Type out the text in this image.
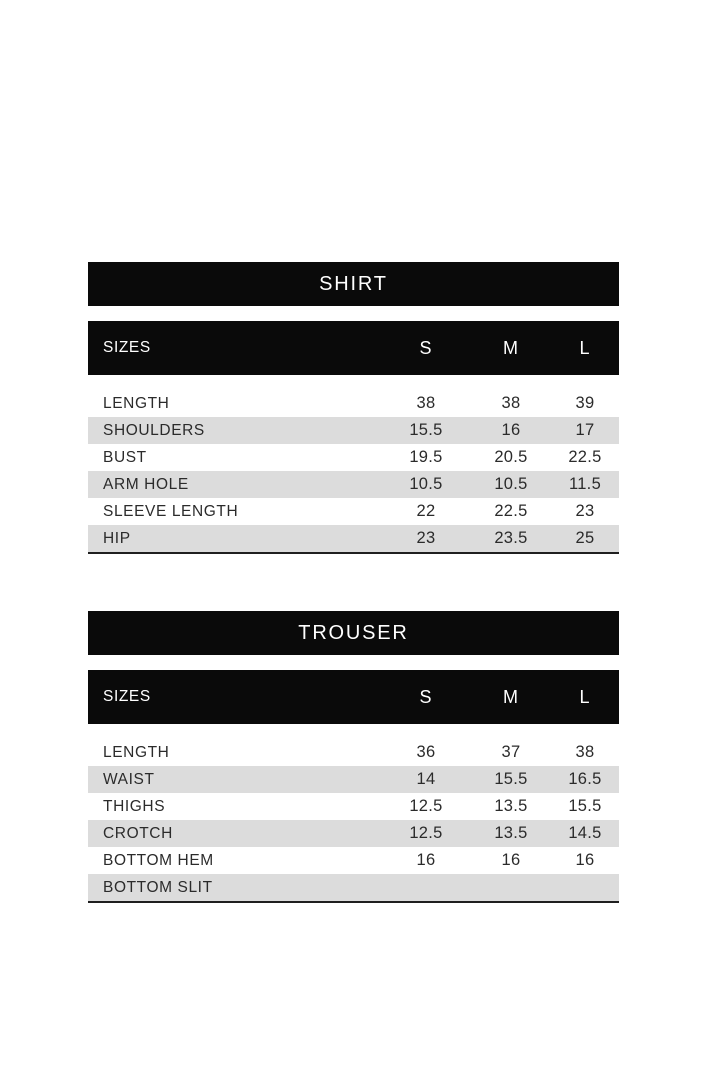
SHIRT
SIZES	S	M	L
LENGTH	38	38	39
SHOULDERS	15.5	16	17
BUST	19.5	20.5	22.5
ARM HOLE	10.5	10.5	11.5
SLEEVE LENGTH	22	22.5	23
HIP	23	23.5	25
TROUSER
SIZES	S	M	L
LENGTH	36	37	38
WAIST	14	15.5	16.5
THIGHS	12.5	13.5	15.5
CROTCH	12.5	13.5	14.5
BOTTOM HEM	16	16	16
BOTTOM SLIT
